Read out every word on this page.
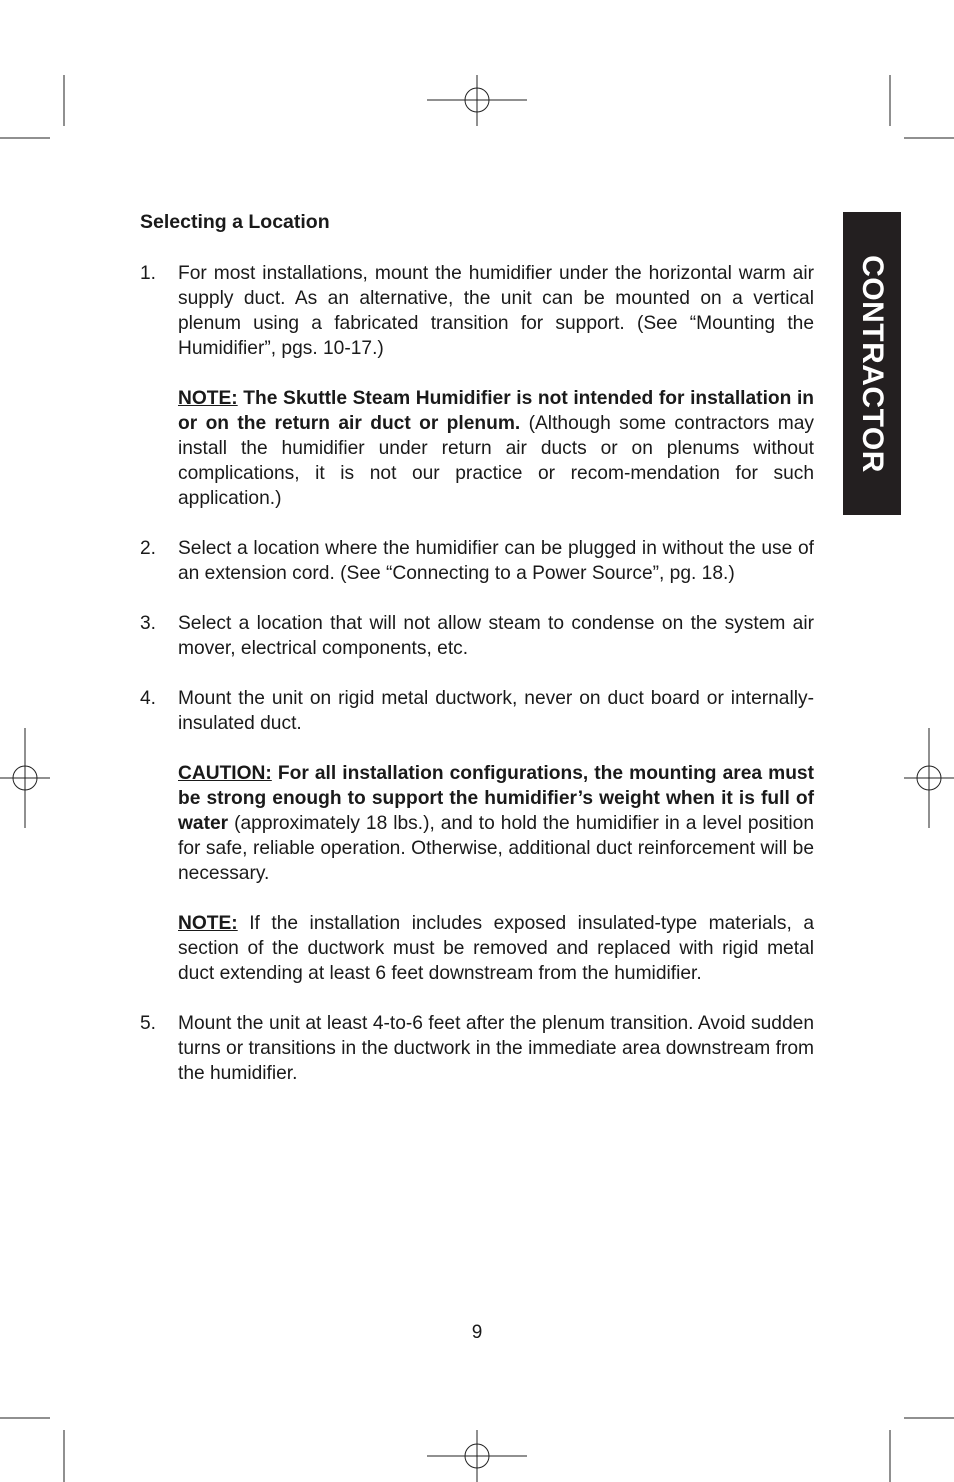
CONTRACTOR
Selecting a Location
1. For most installations, mount the humidifier under the horizontal warm air supply duct. As an alternative, the unit can be mounted on a vertical plenum using a fabricated transition for support. (See “Mounting the Humidifier”, pgs. 10-17.)

NOTE: The Skuttle Steam Humidifier is not intended for installation in or on the return air duct or plenum. (Although some contractors may install the humidifier under return air ducts or on plenums without complications, it is not our practice or recom-mendation for such application.)

2. Select a location where the humidifier can be plugged in without the use of an extension cord. (See “Connecting to a Power Source”, pg. 18.)

3. Select a location that will not allow steam to condense on the system air mover, electrical components, etc.

4. Mount the unit on rigid metal ductwork, never on duct board or internally-insulated duct.

CAUTION: For all installation configurations, the mounting area must be strong enough to support the humidifier’s weight when it is full of water (approximately 18 lbs.), and to hold the humidifier in a level position for safe, reliable operation. Otherwise, additional duct reinforcement will be necessary.

NOTE: If the installation includes exposed insulated-type materials, a section of the ductwork must be removed and replaced with rigid metal duct extending at least 6 feet downstream from the humidifier.

5. Mount the unit at least 4-to-6 feet after the plenum transition. Avoid sudden turns or transitions in the ductwork in the immediate area downstream from the humidifier.

9
